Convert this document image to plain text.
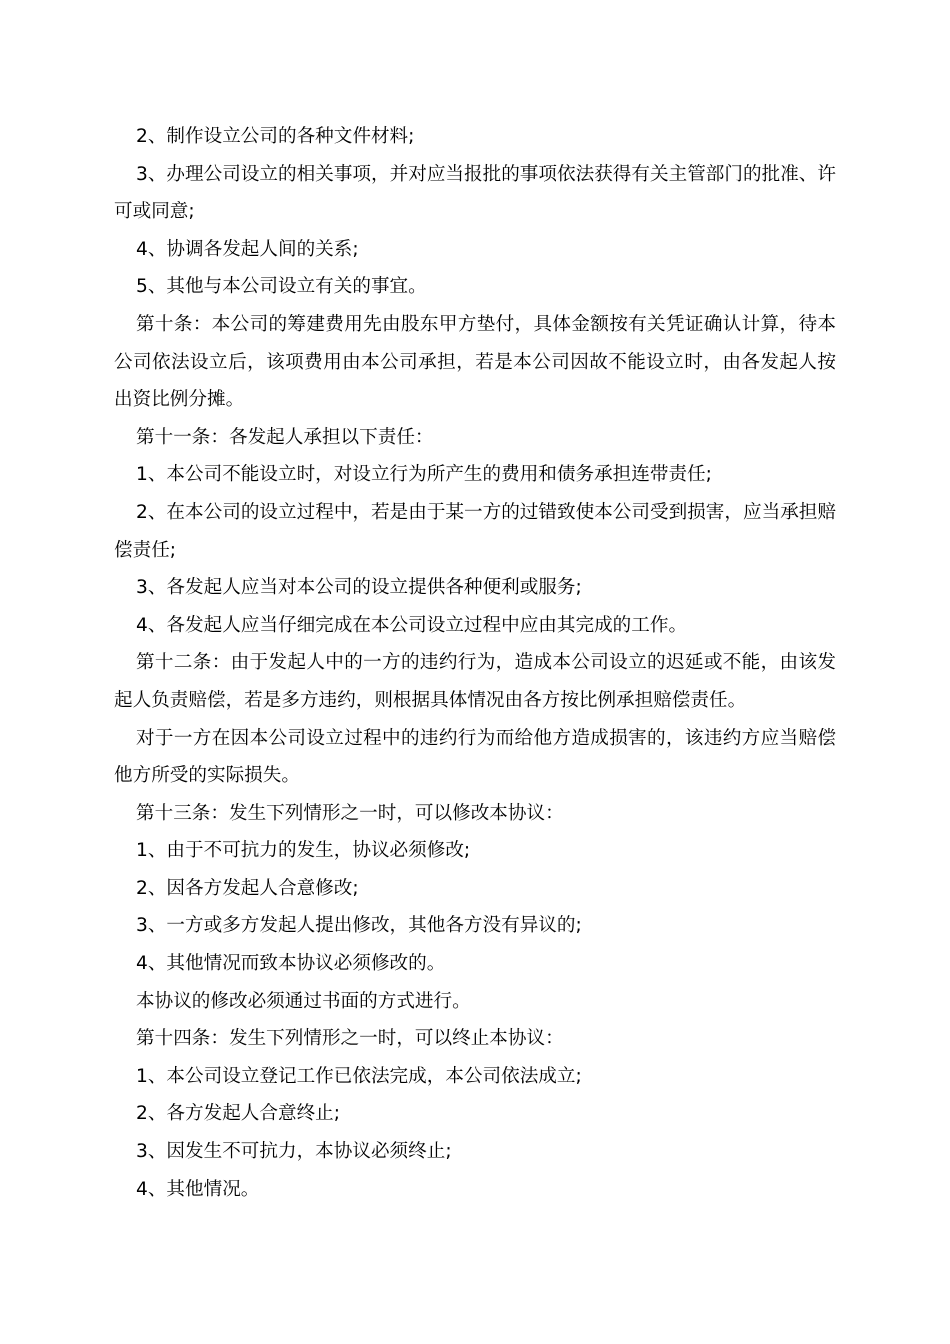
2、制作设立公司的各种文件材料;

3、办理公司设立的相关事项，并对应当报批的事项依法获得有关主管部门的批准、许可或同意;

4、协调各发起人间的关系;

5、其他与本公司设立有关的事宜。

第十条：本公司的筹建费用先由股东甲方垫付，具体金额按有关凭证确认计算，待本公司依法设立后，该项费用由本公司承担，若是本公司因故不能设立时，由各发起人按出资比例分摊。

第十一条：各发起人承担以下责任：

1、本公司不能设立时，对设立行为所产生的费用和债务承担连带责任;

2、在本公司的设立过程中，若是由于某一方的过错致使本公司受到损害，应当承担赔偿责任;

3、各发起人应当对本公司的设立提供各种便利或服务;

4、各发起人应当仔细完成在本公司设立过程中应由其完成的工作。

第十二条：由于发起人中的一方的违约行为，造成本公司设立的迟延或不能，由该发起人负责赔偿，若是多方违约，则根据具体情况由各方按比例承担赔偿责任。

对于一方在因本公司设立过程中的违约行为而给他方造成损害的，该违约方应当赔偿他方所受的实际损失。

第十三条：发生下列情形之一时，可以修改本协议：

1、由于不可抗力的发生，协议必须修改;

2、因各方发起人合意修改;

3、一方或多方发起人提出修改，其他各方没有异议的;

4、其他情况而致本协议必须修改的。

本协议的修改必须通过书面的方式进行。

第十四条：发生下列情形之一时，可以终止本协议：

1、本公司设立登记工作已依法完成，本公司依法成立;

2、各方发起人合意终止;

3、因发生不可抗力，本协议必须终止;

4、其他情况。
